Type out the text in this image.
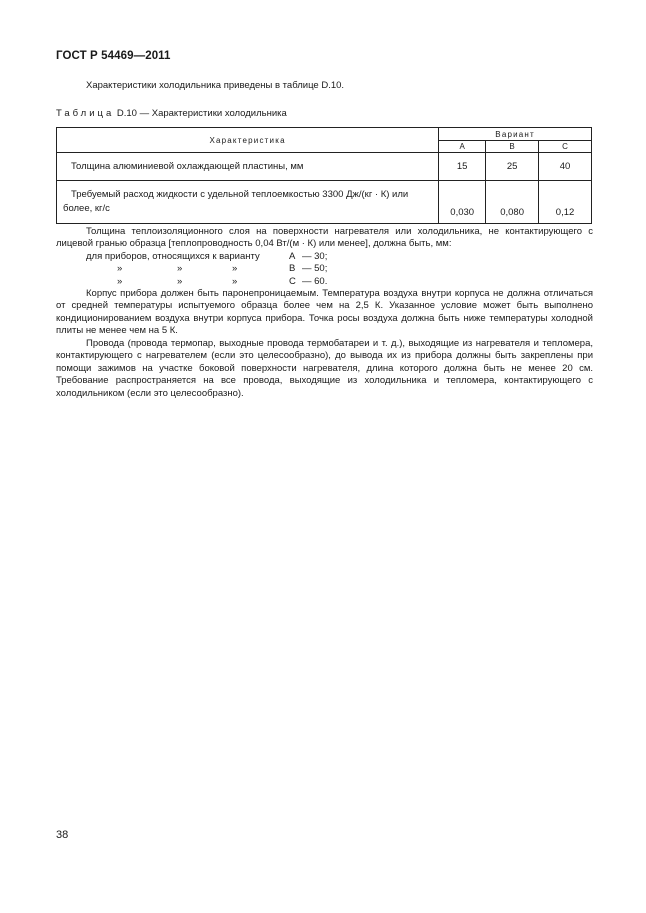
ГОСТ Р 54469—2011
Характеристики холодильника приведены в таблице D.10.
Таблица D.10 — Характеристики холодильника
Характеристика	Вариант		
	A	B	C
Толщина алюминиевой охлаждающей пластины, мм	15	25	40
Требуемый расход жидкости с удельной теплоемкостью 3300 Дж/(кг · К) или более, кг/с	0,030	0,080	0,12

Толщина теплоизоляционного слоя на поверхности нагревателя или холодильника, не контактирующего с лицевой гранью образца [теплопроводность 0,04 Вт/(м · К) или менее], должна быть, мм:

для приборов, относящихся к варианту	A — 30;
»	»	»	B — 50;
»	»	»	C — 60.

Корпус прибора должен быть паронепроницаемым. Температура воздуха внутри корпуса не должна отличаться от средней температуры испытуемого образца более чем на 2,5 К. Указанное условие может быть выполнено кондиционированием воздуха внутри корпуса прибора. Точка росы воздуха должна быть ниже температуры холодной плиты не менее чем на 5 К.

Провода (провода термопар, выходные провода термобатареи и т. д.), выходящие из нагревателя и тепломера, контактирующего с нагревателем (если это целесообразно), до вывода их из прибора должны быть закреплены при помощи зажимов на участке боковой поверхности нагревателя, длина которого должна быть не менее 20 см. Требование распространяется на все провода, выходящие из холодильника и тепломера, контактирующего с холодильником (если это целесообразно).

38
